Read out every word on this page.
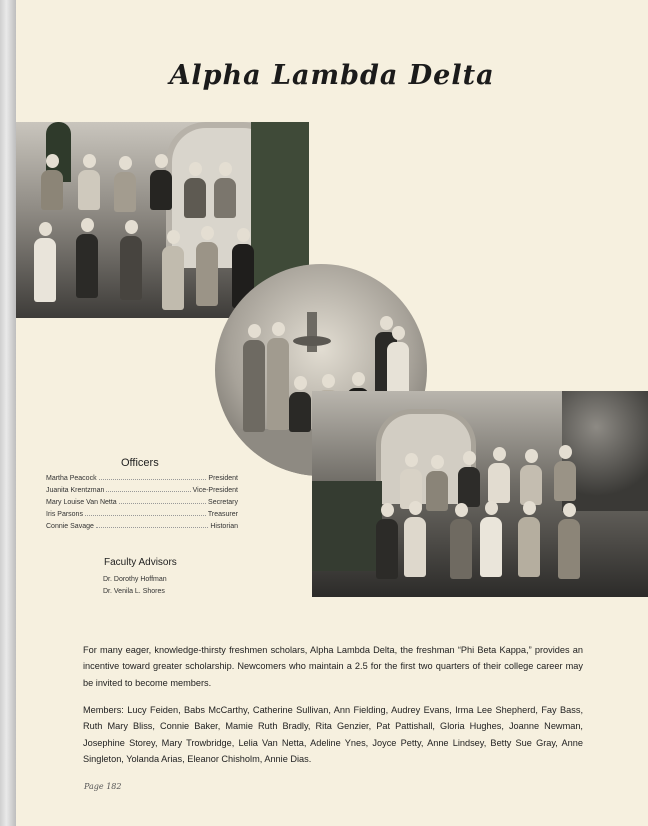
Alpha Lambda Delta
Officers
Martha Peacock	President
Juanita Krentzman	Vice-President
Mary Louise Van Netta	Secretary
Iris Parsons	Treasurer
Connie Savage	Historian
Faculty Advisors
Dr. Dorothy Hoffman
Dr. Venila L. Shores
For many eager, knowledge-thirsty freshmen scholars, Alpha Lambda Delta, the freshman “Phi Beta Kappa,” provides an incentive toward greater scholarship. Newcomers who maintain a 2.5 for the first two quarters of their college career may be invited to become members.
Members: Lucy Feiden, Babs McCarthy, Catherine Sullivan, Ann Fielding, Audrey Evans, Irma Lee Shepherd, Fay Bass, Ruth Mary Bliss, Connie Baker, Mamie Ruth Bradly, Rita Genzier, Pat Pattishall, Gloria Hughes, Joanne Newman, Josephine Storey, Mary Trowbridge, Lelia Van Netta, Adeline Ynes, Joyce Petty, Anne Lindsey, Betty Sue Gray, Anne Singleton, Yolanda Arias, Eleanor Chisholm, Annie Dias.
Page 182
